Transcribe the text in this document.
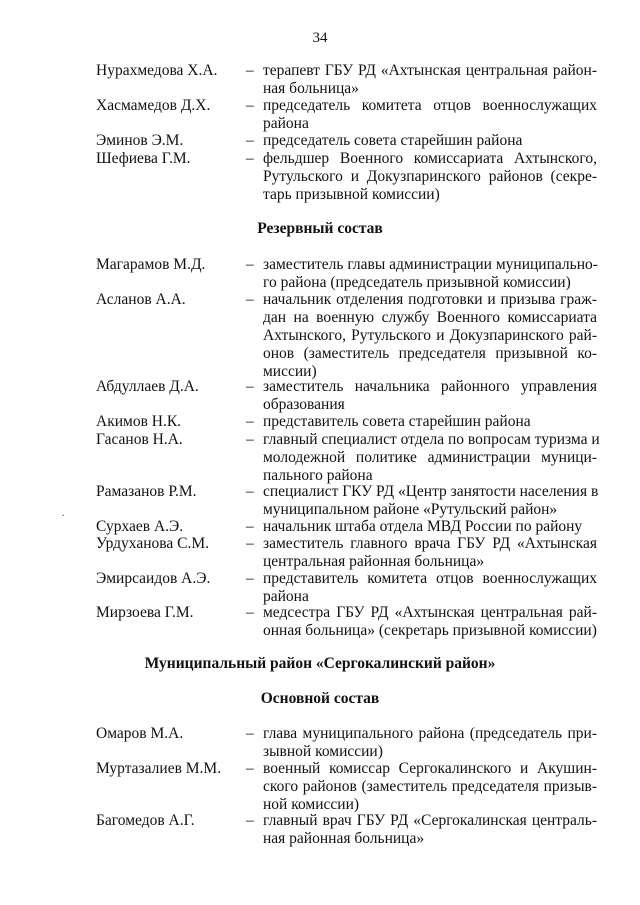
34
·
Нурахмедова Х.А. – терапевт ГБУ РД «Ахтынская центральная район-
ная больница»
Хасмамедов Д.Х. – председатель комитета отцов военнослужащих
района
Эминов Э.М.	– председатель совета старейшин района
Шефиева Г.М.	– фельдшер Военного комиссариата Ахтынского,
Рутульского и Докузпаринского районов (секре-
тарь призывной комиссии)
Резервный состав
Магарамов М.Д.	– заместитель главы администрации муниципально-
го района (председатель призывной комиссии)
Асланов А.А.	– начальник отделения подготовки и призыва граж-
дан на военную службу Военного комиссариата
Ахтынского, Рутульского и Докузпаринского рай-
онов (заместитель председателя призывной ко-
миссии)
Абдуллаев Д.А.	– заместитель начальника районного управления
образования
Акимов Н.К.	– представитель совета старейшин района
Гасанов Н.А.	– главный специалист отдела по вопросам туризма и
молодежной политике администрации муници-
пального района
Рамазанов Р.М.	– специалист ГКУ РД «Центр занятости населения в
муниципальном районе «Рутульский район»
Сурхаев А.Э.	– начальник штаба отдела МВД России по району
Урдуханова С.М. – заместитель главного врача ГБУ РД «Ахтынская
центральная районная больница»
Эмирсаидов А.Э. – представитель комитета отцов военнослужащих
района
Мирзоева Г.М.	– медсестра ГБУ РД «Ахтынская центральная рай-
онная больница» (секретарь призывной комиссии)
Муниципальный район «Сергокалинский район»
Основной состав
Омаров М.А.	– глава муниципального района (председатель при-
зывной комиссии)
Муртазалиев М.М. – военный комиссар Сергокалинского и Акушин-
ского районов (заместитель председателя призыв-
ной комиссии)
Багомедов А.Г.	– главный врач ГБУ РД «Сергокалинская централь-
ная районная больница»
